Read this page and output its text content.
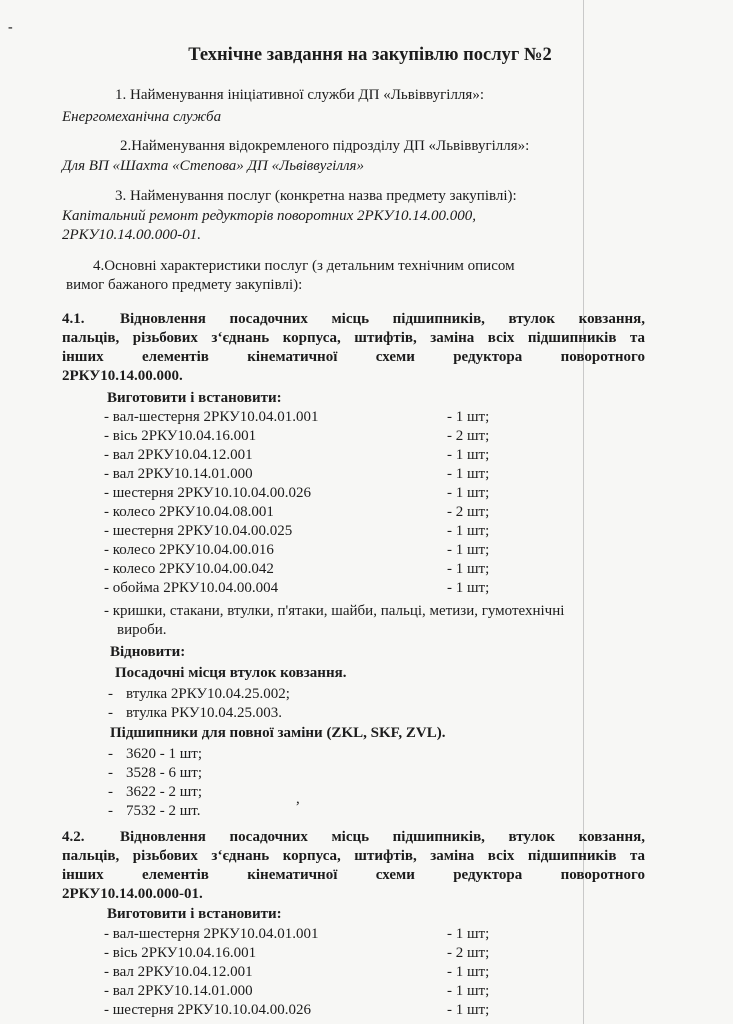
-
Технічне завдання на закупівлю послуг №2
1. Найменування ініціативної служби ДП «Львіввугілля»:
Енергомеханічна служба
2.Найменування відокремленого підрозділу ДП «Львіввугілля»:
Для ВП «Шахта «Степова» ДП «Львіввугілля»
3. Найменування послуг (конкретна назва предмету закупівлі):
Капітальний ремонт редукторів поворотних 2РКУ10.14.00.000,
2РКУ10.14.00.000-01.
4.Основні характеристики послуг (з детальним технічним описом
вимог бажаного предмету закупівлі):
4.1. Відновлення посадочних місць підшипників, втулок ковзання,
пальців, різьбових з‘єднань корпуса, штифтів, заміна всіх підшипників та
інших елементів кінематичної схеми редуктора поворотного
2РКУ10.14.00.000.
Виготовити і встановити:
- вал-шестерня 2РКУ10.04.01.001	- 1 шт;
- вісь 2РКУ10.04.16.001	- 2 шт;
- вал 2РКУ10.04.12.001	- 1 шт;
- вал 2РКУ10.14.01.000	- 1 шт;
- шестерня 2РКУ10.10.04.00.026	- 1 шт;
- колесо 2РКУ10.04.08.001	- 2 шт;
- шестерня 2РКУ10.04.00.025	- 1 шт;
- колесо 2РКУ10.04.00.016	- 1 шт;
- колесо 2РКУ10.04.00.042	- 1 шт;
- обойма 2РКУ10.04.00.004	- 1 шт;
- кришки, стакани, втулки, п'ятаки, шайби, пальці, метизи, гумотехнічні
вироби.
Відновити:
Посадочні місця втулок ковзання.
- втулка 2РКУ10.04.25.002;
- втулка РКУ10.04.25.003.
Підшипники для повної заміни (ZKL, SKF, ZVL).
- 3620 - 1 шт;
- 3528 - 6 шт;
- 3622 - 2 шт;
- 7532 - 2 шт.
,
4.2. Відновлення посадочних місць підшипників, втулок ковзання,
пальців, різьбових з‘єднань корпуса, штифтів, заміна всіх підшипників та
інших елементів кінематичної схеми редуктора поворотного
2РКУ10.14.00.000-01.
Виготовити і встановити:
- вал-шестерня 2РКУ10.04.01.001	- 1 шт;
- вісь 2РКУ10.04.16.001	- 2 шт;
- вал 2РКУ10.04.12.001	- 1 шт;
- вал 2РКУ10.14.01.000	- 1 шт;
- шестерня 2РКУ10.10.04.00.026	- 1 шт;
